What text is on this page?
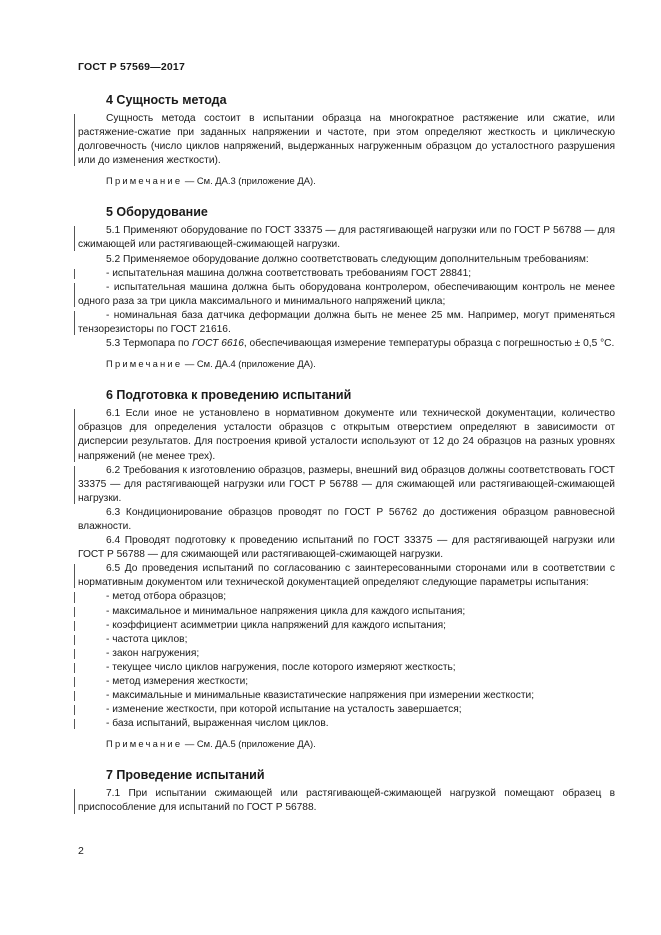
ГОСТ Р 57569—2017
4 Сущность метода

Сущность метода состоит в испытании образца на многократное растяжение или сжатие, или растяжение-сжатие при заданных напряжении и частоте, при этом определяют жесткость и циклическую долговечность (число циклов напряжений, выдержанных нагруженным образцом до усталостного разрушения или до изменения жесткости).

Примечание — См. ДА.3 (приложение ДА).

5 Оборудование

5.1 Применяют оборудование по ГОСТ 33375 — для растягивающей нагрузки или по ГОСТ Р 56788 — для сжимающей или растягивающей-сжимающей нагрузки.

5.2 Применяемое оборудование должно соответствовать следующим дополнительным требованиям:

- испытательная машина должна соответствовать требованиям ГОСТ 28841;

- испытательная машина должна быть оборудована контролером, обеспечивающим контроль не менее одного раза за три цикла максимального и минимального напряжений цикла;

- номинальная база датчика деформации должна быть не менее 25 мм. Например, могут применяться тензорезисторы по ГОСТ 21616.

5.3 Термопара по ГОСТ 6616, обеспечивающая измерение температуры образца с погрешностью ± 0,5 °C.

Примечание — См. ДА.4 (приложение ДА).

6 Подготовка к проведению испытаний

6.1 Если иное не установлено в нормативном документе или технической документации, количество образцов для определения усталости образцов с открытым отверстием определяют в зависимости от дисперсии результатов. Для построения кривой усталости используют от 12 до 24 образцов на разных уровнях напряжений (не менее трех).

6.2 Требования к изготовлению образцов, размеры, внешний вид образцов должны соответствовать ГОСТ 33375 — для растягивающей нагрузки или ГОСТ Р 56788 — для сжимающей или растягивающей-сжимающей нагрузки.

6.3 Кондиционирование образцов проводят по ГОСТ Р 56762 до достижения образцом равновесной влажности.

6.4 Проводят подготовку к проведению испытаний по ГОСТ 33375 — для растягивающей нагрузки или ГОСТ Р 56788 — для сжимающей или растягивающей-сжимающей нагрузки.

6.5 До проведения испытаний по согласованию с заинтересованными сторонами или в соответствии с нормативным документом или технической документацией определяют следующие параметры испытания:

- метод отбора образцов;

- максимальное и минимальное напряжения цикла для каждого испытания;

- коэффициент асимметрии цикла напряжений для каждого испытания;

- частота циклов;

- закон нагружения;

- текущее число циклов нагружения, после которого измеряют жесткость;

- метод измерения жесткости;

- максимальные и минимальные квазистатические напряжения при измерении жесткости;

- изменение жесткости, при которой испытание на усталость завершается;

- база испытаний, выраженная числом циклов.

Примечание — См. ДА.5 (приложение ДА).

7 Проведение испытаний

7.1 При испытании сжимающей или растягивающей-сжимающей нагрузкой помещают образец в приспособление для испытаний по ГОСТ Р 56788.

2
